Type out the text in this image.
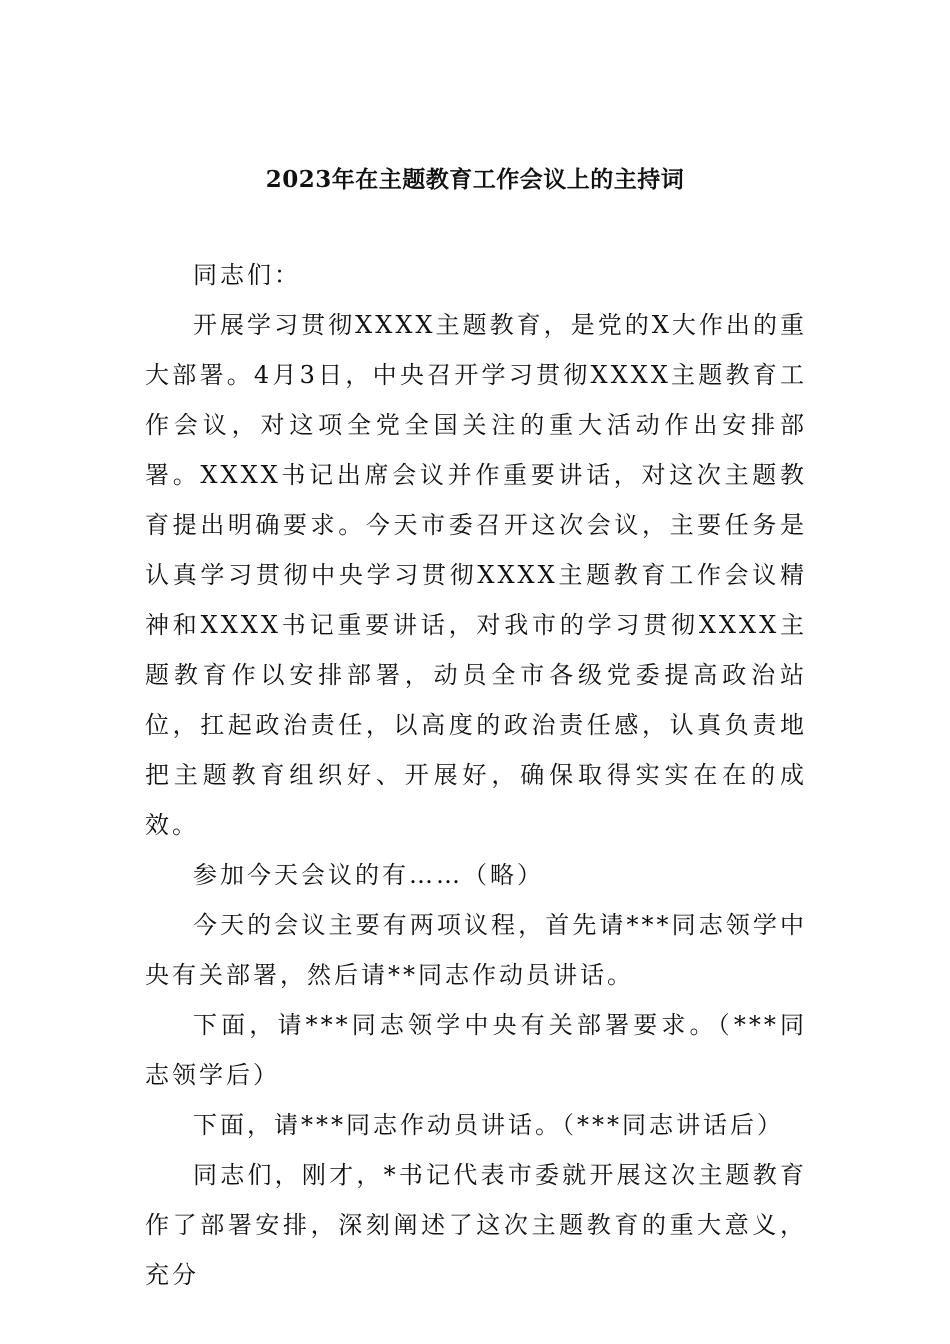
2023年在主题教育工作会议上的主持词

同志们：

开展学习贯彻XXXX主题教育，是党的X大作出的重大部署。4月3日，中央召开学习贯彻XXXX主题教育工作会议，对这项全党全国关注的重大活动作出安排部署。XXXX书记出席会议并作重要讲话，对这次主题教育提出明确要求。今天市委召开这次会议，主要任务是认真学习贯彻中央学习贯彻XXXX主题教育工作会议精神和XXXX书记重要讲话，对我市的学习贯彻XXXX主题教育作以安排部署，动员全市各级党委提高政治站位，扛起政治责任，以高度的政治责任感，认真负责地把主题教育组织好、开展好，确保取得实实在在的成效。

参加今天会议的有……（略）

今天的会议主要有两项议程，首先请***同志领学中央有关部署，然后请**同志作动员讲话。

下面，请***同志领学中央有关部署要求。（***同志领学后）

下面，请***同志作动员讲话。（***同志讲话后）

同志们，刚才，*书记代表市委就开展这次主题教育作了部署安排，深刻阐述了这次主题教育的重大意义，充分
